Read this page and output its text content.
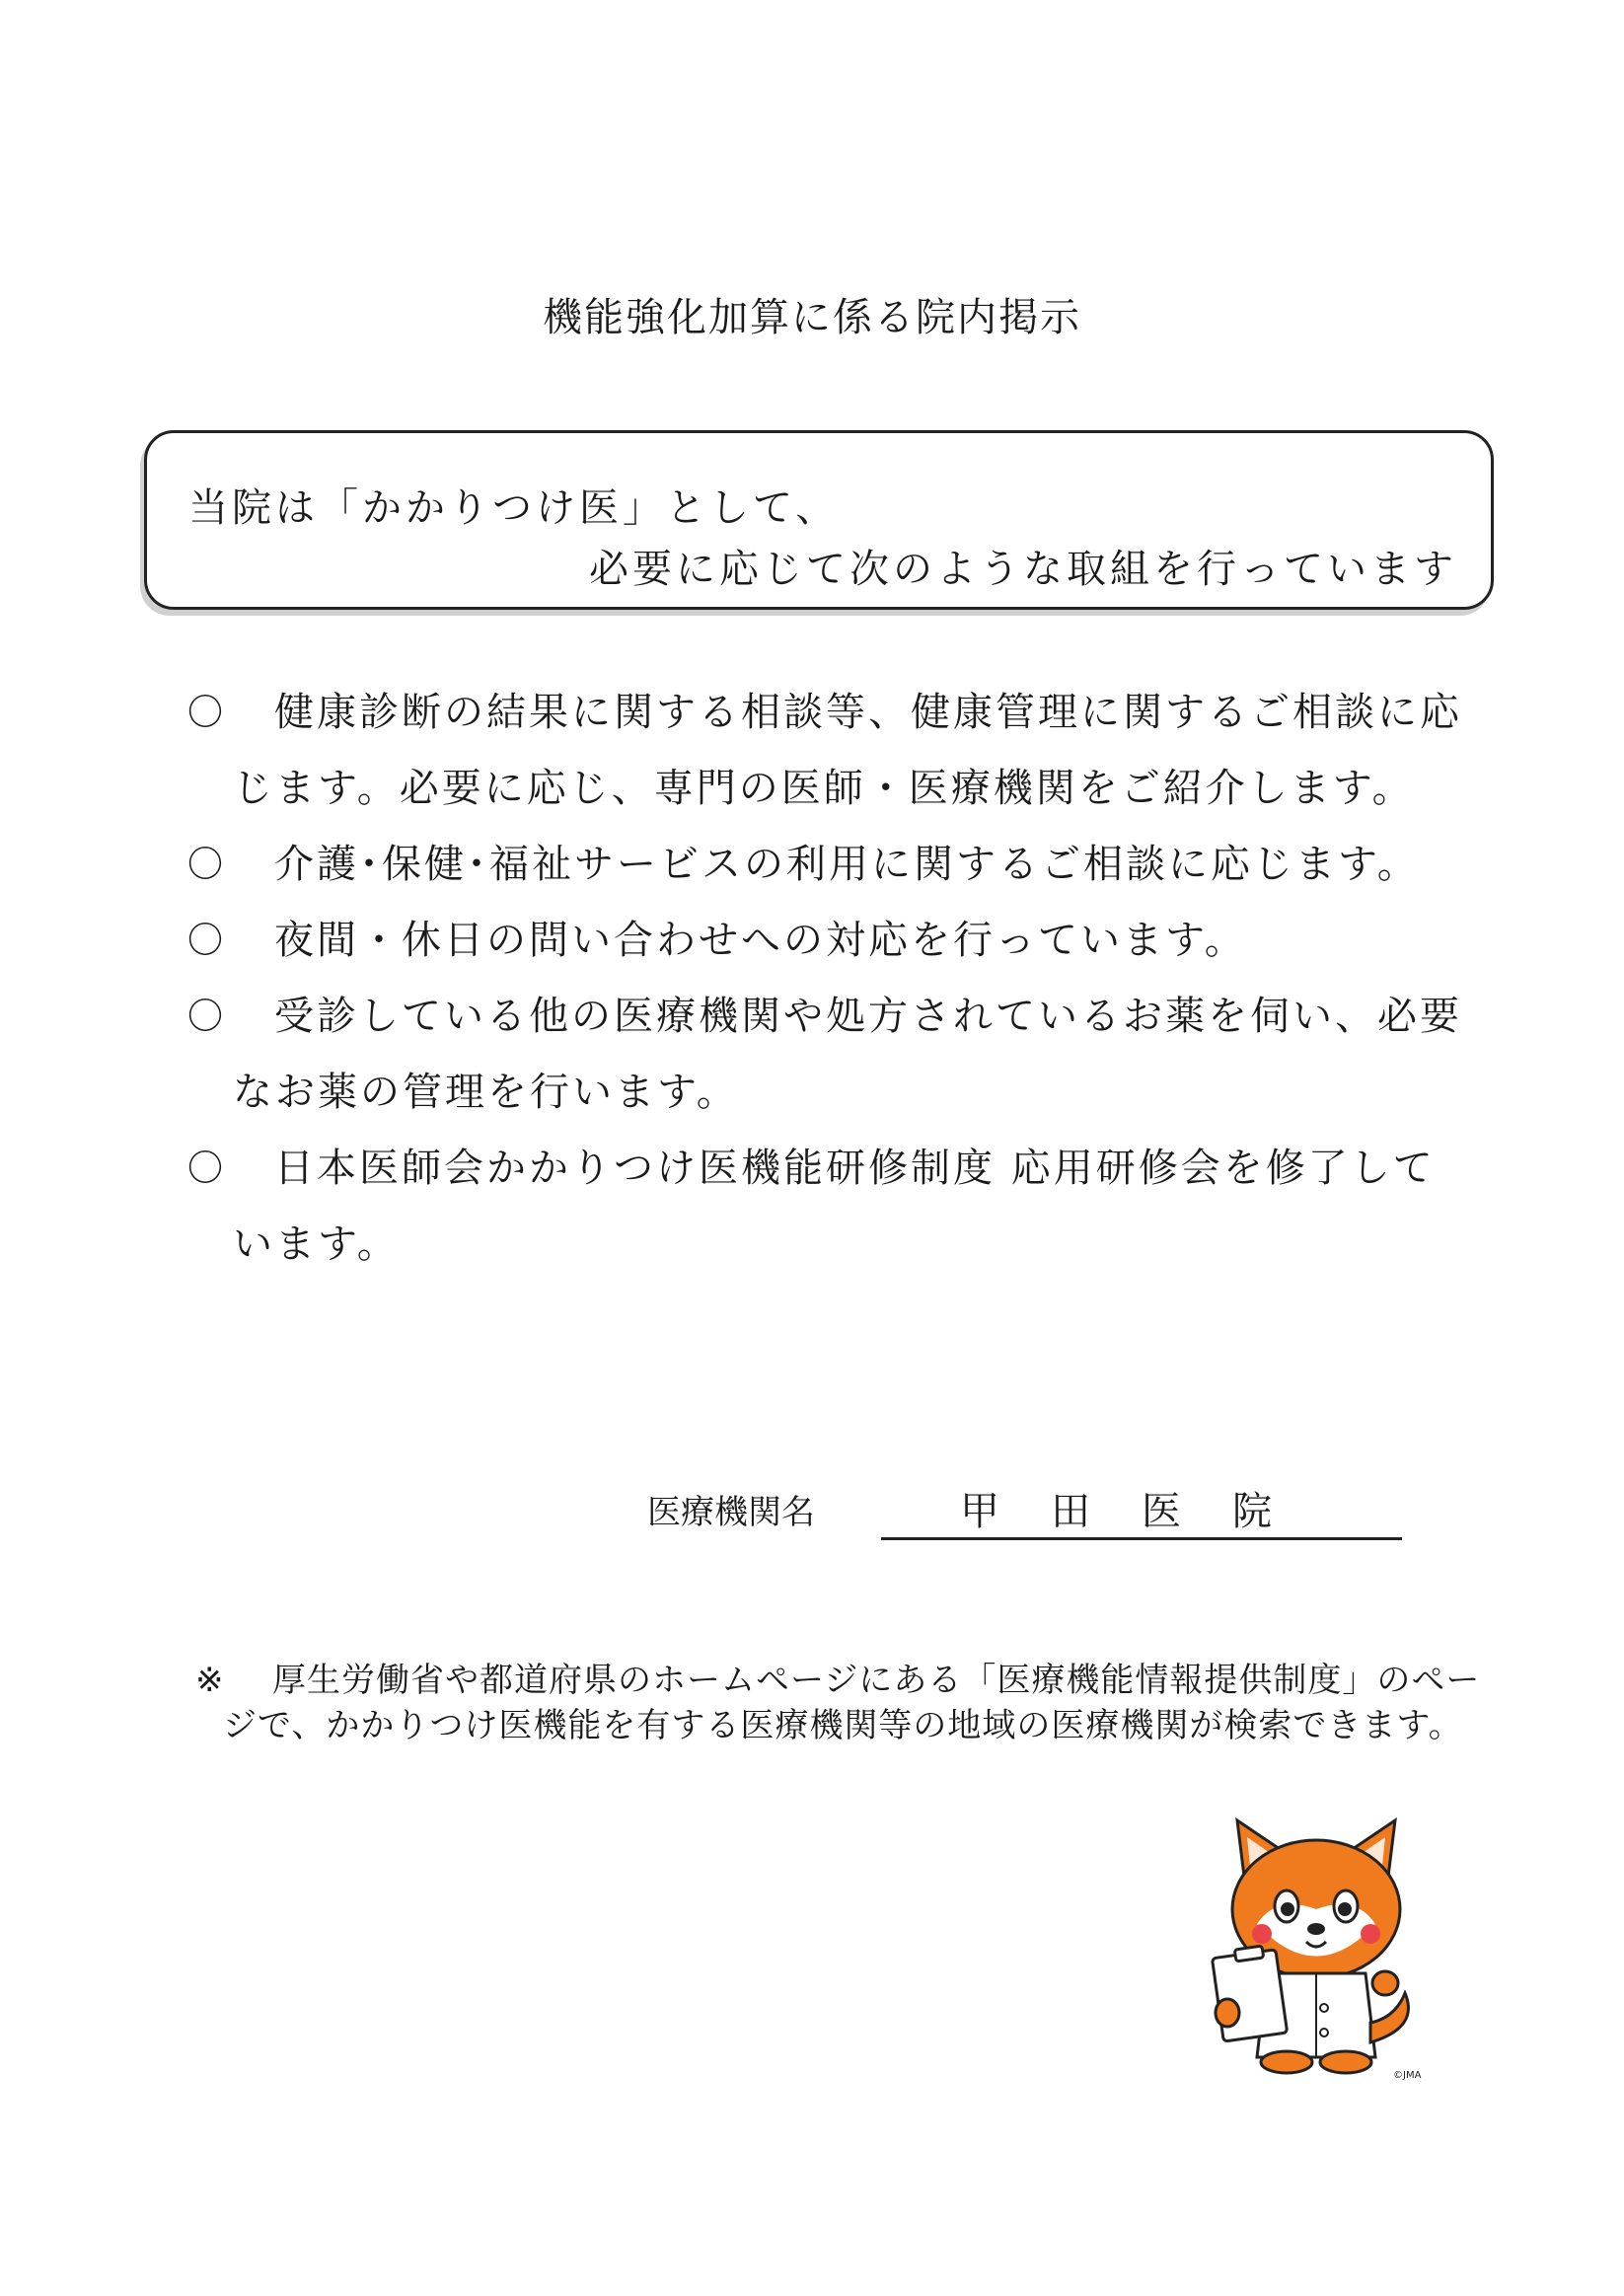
機能強化加算に係る院内掲示
当院は「かかりつけ医」として、
必要に応じて次のような取組を行っています
〇	健康診断の結果に関する相談等、健康管理に関するご相談に応じます。必要に応じ、専門の医師・医療機関をご紹介します。
〇	介護･保健･福祉サービスの利用に関するご相談に応じます。
〇	夜間・休日の問い合わせへの対応を行っています。
〇	受診している他の医療機関や処方されているお薬を伺い、必要なお薬の管理を行います。
〇	日本医師会かかりつけ医機能研修制度 応用研修会を修了しています。
医療機関名	甲田医院
※	厚生労働省や都道府県のホームページにある「医療機能情報提供制度」のページで、かかりつけ医機能を有する医療機関等の地域の医療機関が検索できます。
©JMA
